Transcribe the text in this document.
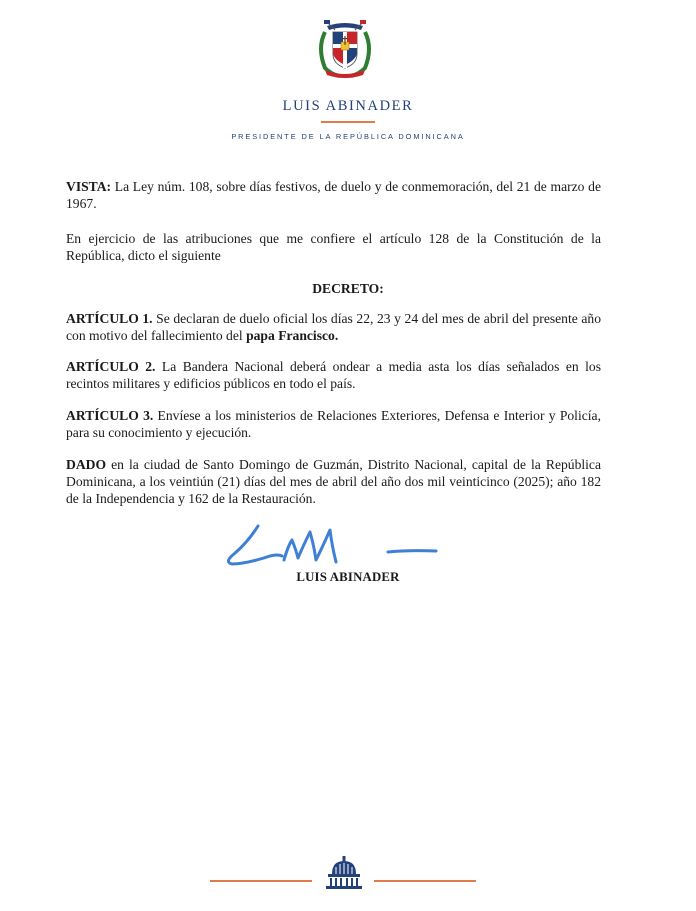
LUIS ABINADER
PRESIDENTE DE LA REPÚBLICA DOMINICANA
VISTA: La Ley núm. 108, sobre días festivos, de duelo y de conmemoración, del 21 de marzo de 1967.
En ejercicio de las atribuciones que me confiere el artículo 128 de la Constitución de la República, dicto el siguiente
DECRETO:
ARTÍCULO 1. Se declaran de duelo oficial los días 22, 23 y 24 del mes de abril del presente año con motivo del fallecimiento del papa Francisco.
ARTÍCULO 2. La Bandera Nacional deberá ondear a media asta los días señalados en los recintos militares y edificios públicos en todo el país.
ARTÍCULO 3. Envíese a los ministerios de Relaciones Exteriores, Defensa e Interior y Policía, para su conocimiento y ejecución.
DADO en la ciudad de Santo Domingo de Guzmán, Distrito Nacional, capital de la República Dominicana, a los veintiún (21) días del mes de abril del año dos mil veinticinco (2025); año 182 de la Independencia y 162 de la Restauración.
LUIS ABINADER
